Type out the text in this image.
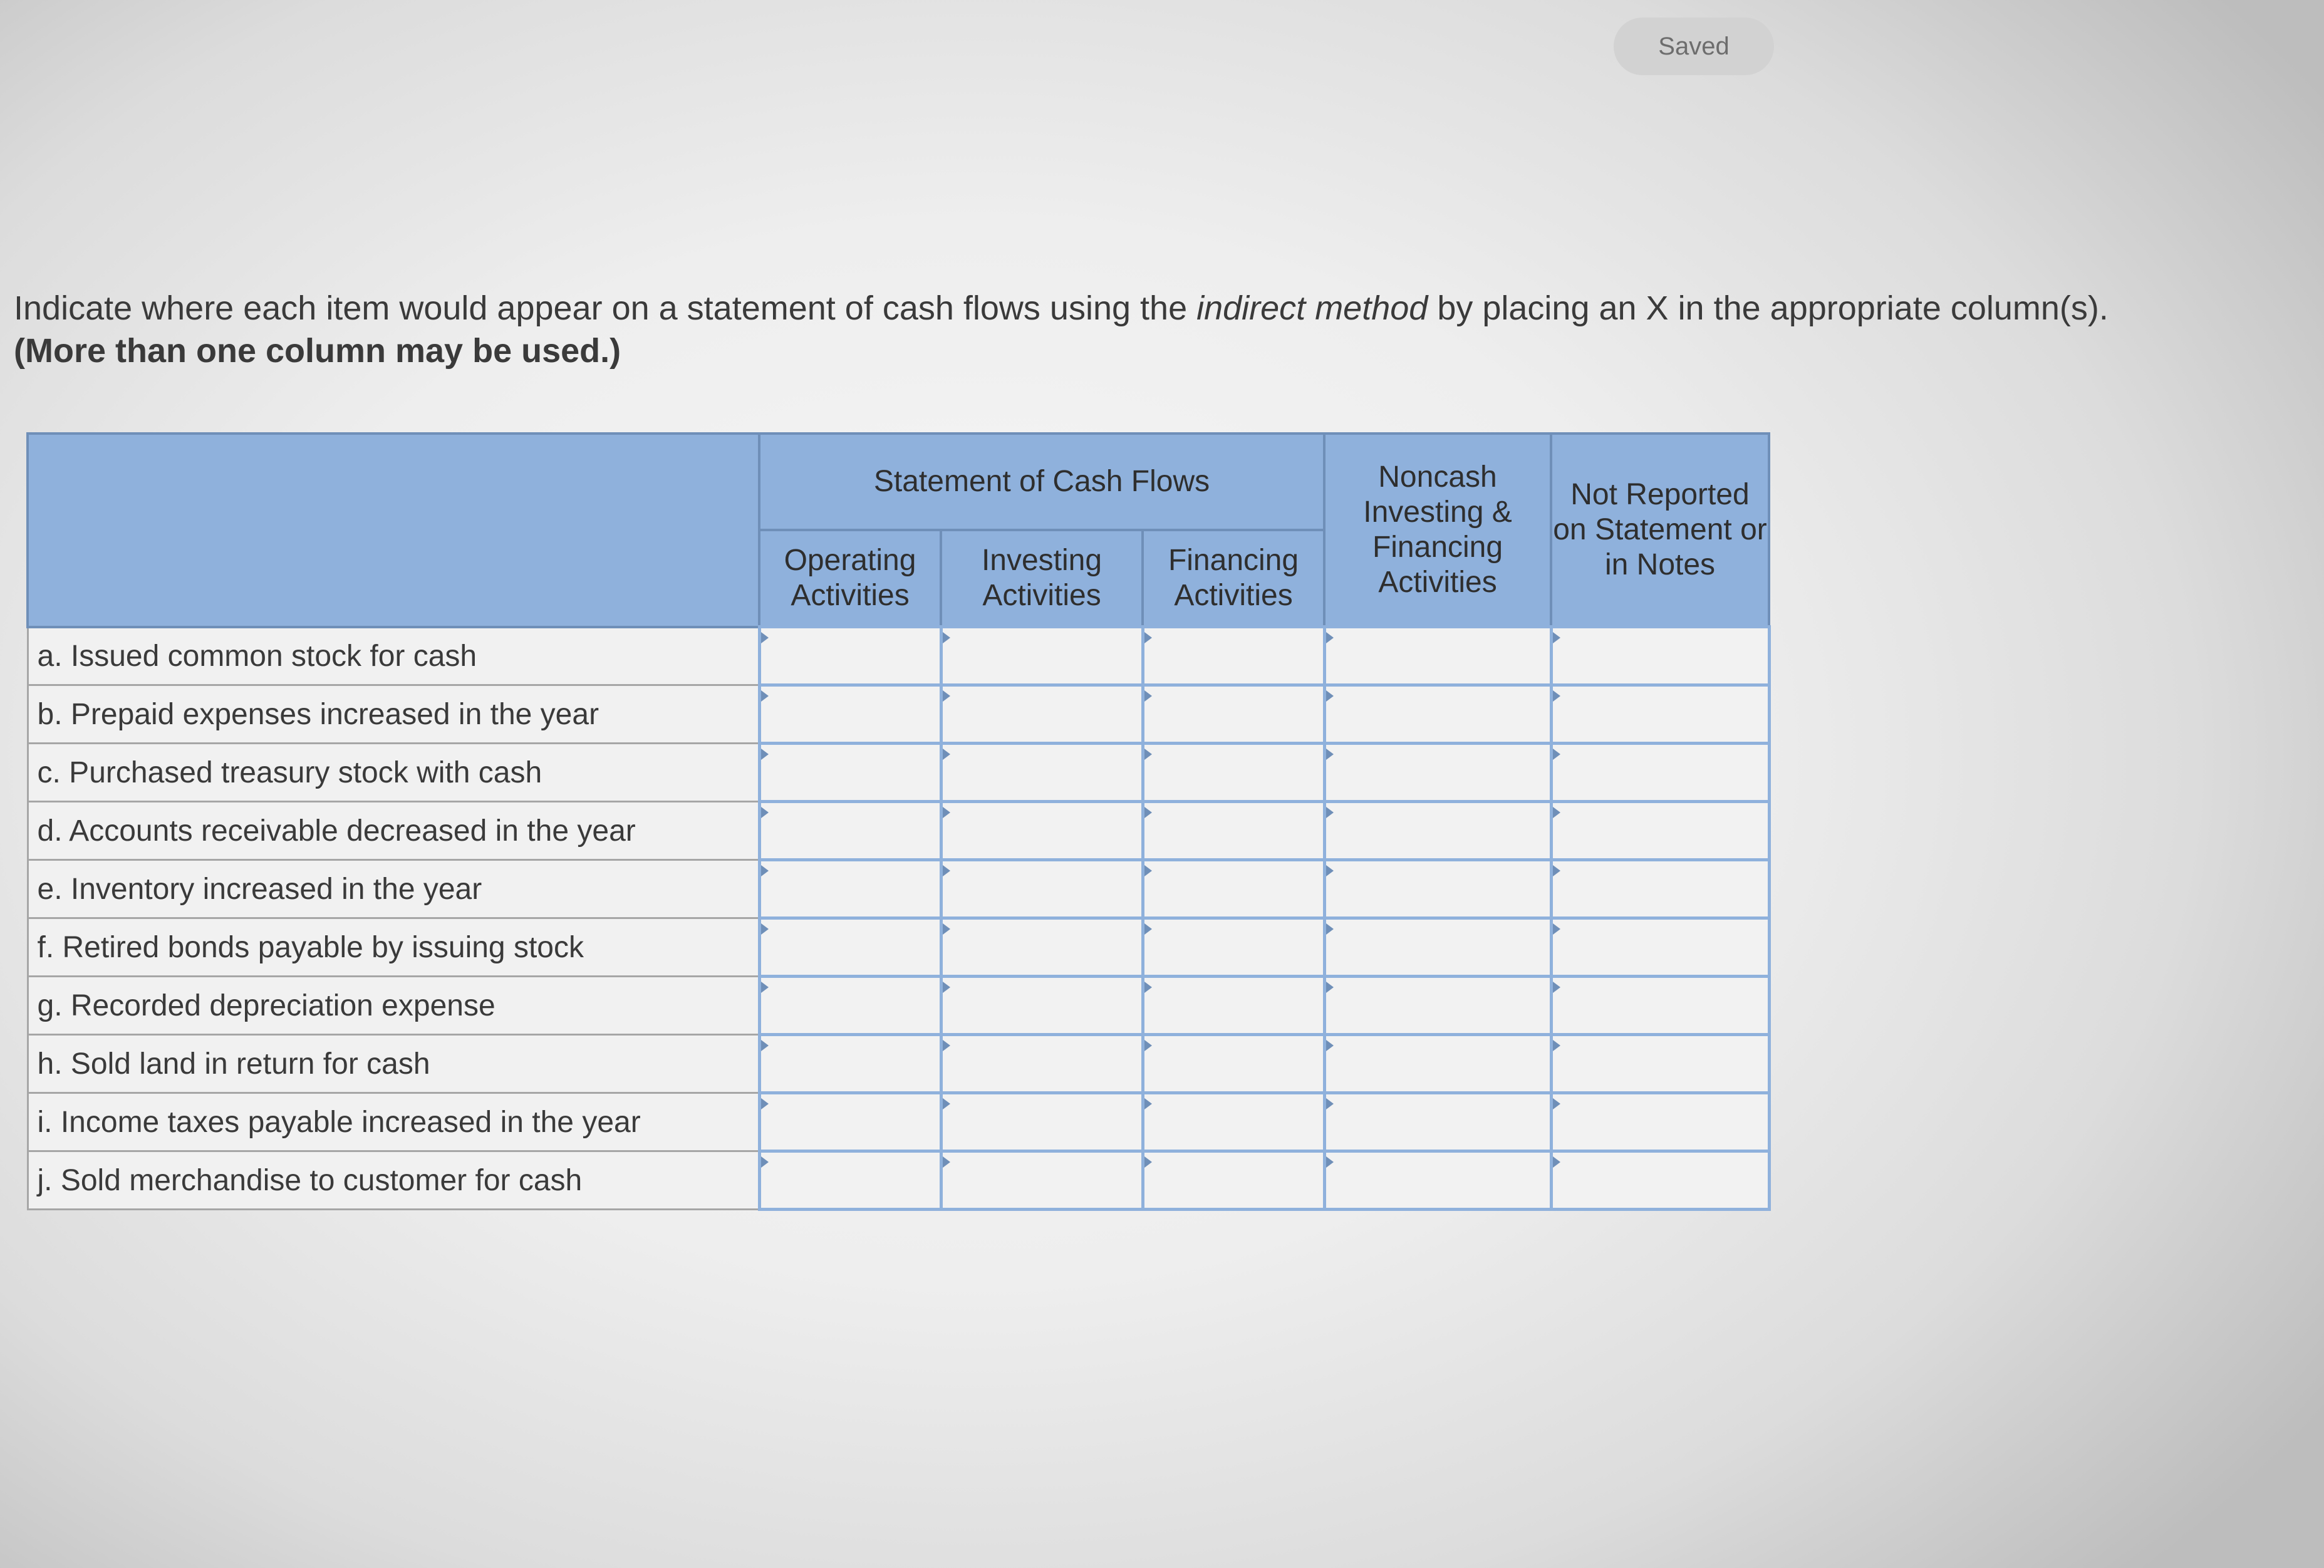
Saved
Indicate where each item would appear on a statement of cash flows using the indirect method by placing an X in the appropriate column(s). (More than one column may be used.)
	Statement of Cash Flows			Noncash Investing & Financing Activities	Not Reported on Statement or in Notes
	Operating Activities	Investing Activities	Financing Activities		
a. Issued common stock for cash					
b. Prepaid expenses increased in the year					
c. Purchased treasury stock with cash					
d. Accounts receivable decreased in the year					
e. Inventory increased in the year					
f. Retired bonds payable by issuing stock					
g. Recorded depreciation expense					
h. Sold land in return for cash					
i. Income taxes payable increased in the year					
j. Sold merchandise to customer for cash					
